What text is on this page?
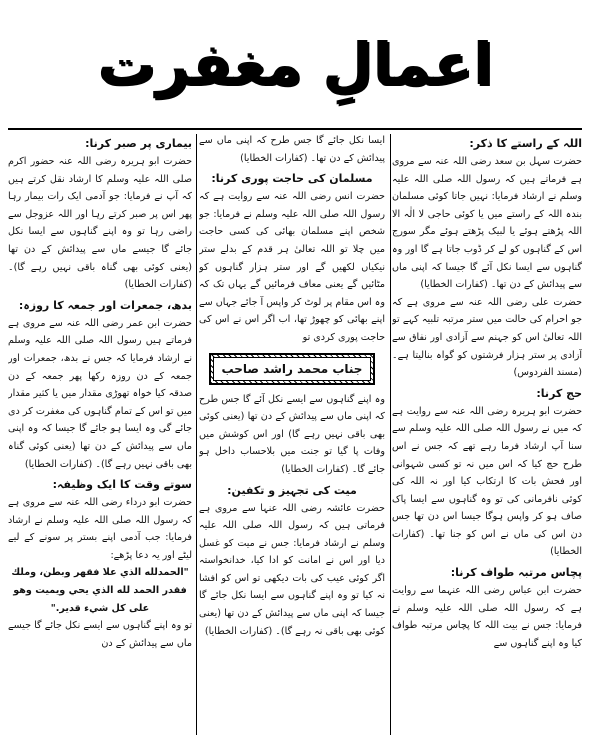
اعمالِ مغفرت
اللہ کے راستے کا ذکر:

حضرت سہل بن سعد رضی اللہ عنہ سے مروی ہے فرماتے ہیں کہ رسول اللہ صلی اللہ علیہ وسلم نے ارشاد فرمایا: نہیں جاتا کوئی مسلمان بندہ اللہ کے راستے میں یا کوئی حاجی لا الٰہ الا اللہ پڑھتے ہوئے یا لبیک پڑھتے ہوئے مگر سورج اس کے گناہوں کو لے کر ڈوب جاتا ہے گا اور وہ گناہوں سے ایسا نکل آئے گا جیسا کہ اپنی ماں سے پیدائش کے دن تھا۔ (کفارات الخطایا)

حضرت علی رضی اللہ عنہ سے مروی ہے کہ جو احرام کی حالت میں ستر مرتبہ تلبیہ کہے تو اللہ تعالیٰ اس کو جہنم سے آزادی اور نفاق سے آزادی پر ستر ہزار فرشتوں کو گواہ بنالیتا ہے۔ (مسند الفردوس)

حج کرنا:

حضرت ابو ہریرہ رضی اللہ عنہ سے روایت ہے کہ میں نے رسول اللہ صلی اللہ علیہ وسلم سے سنا آپ ارشاد فرما رہے تھے کہ جس نے اس طرح حج کیا کہ اس میں نہ تو کسی شہوانی اور فحش بات کا ارتکاب کیا اور نہ اللہ کی کوئی نافرمانی کی تو وہ گناہوں سے ایسا پاک صاف ہو کر واپس ہوگا جیسا اس دن تھا جس دن اس کی ماں نے اس کو جنا تھا۔ (کفارات الخطایا)

پچاس مرتبہ طواف کرنا:

حضرت ابن عباس رضی اللہ عنہما سے روایت ہے کہ رسول اللہ صلی اللہ علیہ وسلم نے فرمایا: جس نے بیت اللہ کا پچاس مرتبہ طواف کیا وہ اپنے گناہوں سے

ایسا نکل جائے گا جس طرح کہ اپنی ماں سے پیدائش کے دن تھا۔ (کفارات الخطایا)

مسلمان کی حاجت پوری کرنا:

حضرت انس رضی اللہ عنہ سے روایت ہے کہ رسول اللہ صلی اللہ علیہ وسلم نے فرمایا: جو شخص اپنے مسلمان بھائی کی کسی حاجت میں چلا تو اللہ تعالیٰ ہر قدم کے بدلے ستر نیکیاں لکھیں گے اور ستر ہزار گناہوں کو مٹائیں گے یعنی معاف فرمائیں گے یہاں تک کہ وہ اس مقام پر لوٹ کر واپس آ جائے جہاں سے اپنے بھائی کو چھوڑ تھا، اب اگر اس نے اس کی حاجت پوری کردی تو

جناب محمد راشد صاحب

وہ اپنے گناہوں سے ایسے نکل آئے گا جس طرح کہ اپنی ماں سے پیدائش کے دن تھا (یعنی کوئی بھی باقی نہیں رہے گا) اور اس کوشش میں وفات پا گیا تو جنت میں بلاحساب داخل ہو جائے گا۔ (کفارات الخطایا)

میت کی تجہیز و تکفین:

حضرت عائشہ رضی اللہ عنہا سے مروی ہے فرماتی ہیں کہ رسول اللہ صلی اللہ علیہ وسلم نے ارشاد فرمایا: جس نے میت کو غسل دیا اور اس نے امانت کو ادا کیا، خدانخواستہ اگر کوئی عیب کی بات دیکھی تو اس کو افشا نہ کیا تو وہ اپنے گناہوں سے ایسا نکل جائے گا جیسا کہ اپنی ماں سے پیدائش کے دن تھا (یعنی کوئی بھی باقی نہ رہے گا)۔ (کفارات الخطایا)

بیماری پر صبر کرنا:

حضرت ابو ہریرہ رضی اللہ عنہ حضور اکرم صلی اللہ علیہ وسلم کا ارشاد نقل کرتے ہیں کہ آپ نے فرمایا: جو آدمی ایک رات بیمار رہا پھر اس پر صبر کرتے رہا اور اللہ عزوجل سے راضی رہا تو وہ اپنے گناہوں سے ایسا نکل جائے گا جیسے ماں سے پیدائش کے دن تھا (یعنی کوئی بھی گناہ باقی نہیں رہے گا)۔ (کفارات الخطایا)

بدھ، جمعرات اور جمعہ کا روزہ:

حضرت ابن عمر رضی اللہ عنہ سے مروی ہے فرماتے ہیں رسول اللہ صلی اللہ علیہ وسلم نے ارشاد فرمایا کہ جس نے بدھ، جمعرات اور جمعہ کے دن روزہ رکھا پھر جمعہ کے دن صدقہ کیا خواہ تھوڑی مقدار میں یا کثیر مقدار میں تو اس کے تمام گناہوں کی مغفرت کر دی جائے گی وہ ایسا ہو جائے گا جیسا کہ وہ اپنی ماں سے پیدائش کے دن تھا (یعنی کوئی گناہ بھی باقی نہیں رہے گا)۔ (کفارات الخطایا)

سوتے وقت کا ایک وظیفہ:

حضرت ابو درداء رضی اللہ عنہ سے مروی ہے کہ رسول اللہ صلی اللہ علیہ وسلم نے ارشاد فرمایا: جب آدمی اپنے بستر پر سونے کے لیے لیٹے اور یہ دعا پڑھے:

"الحمدلله الذي علا فقهر وبطن، وملك فقدر الحمد لله الذي يحي ويميت وهو على كل شيء قدير."

تو وہ اپنے گناہوں سے ایسے نکل جائے گا جیسے ماں سے پیدائش کے دن
